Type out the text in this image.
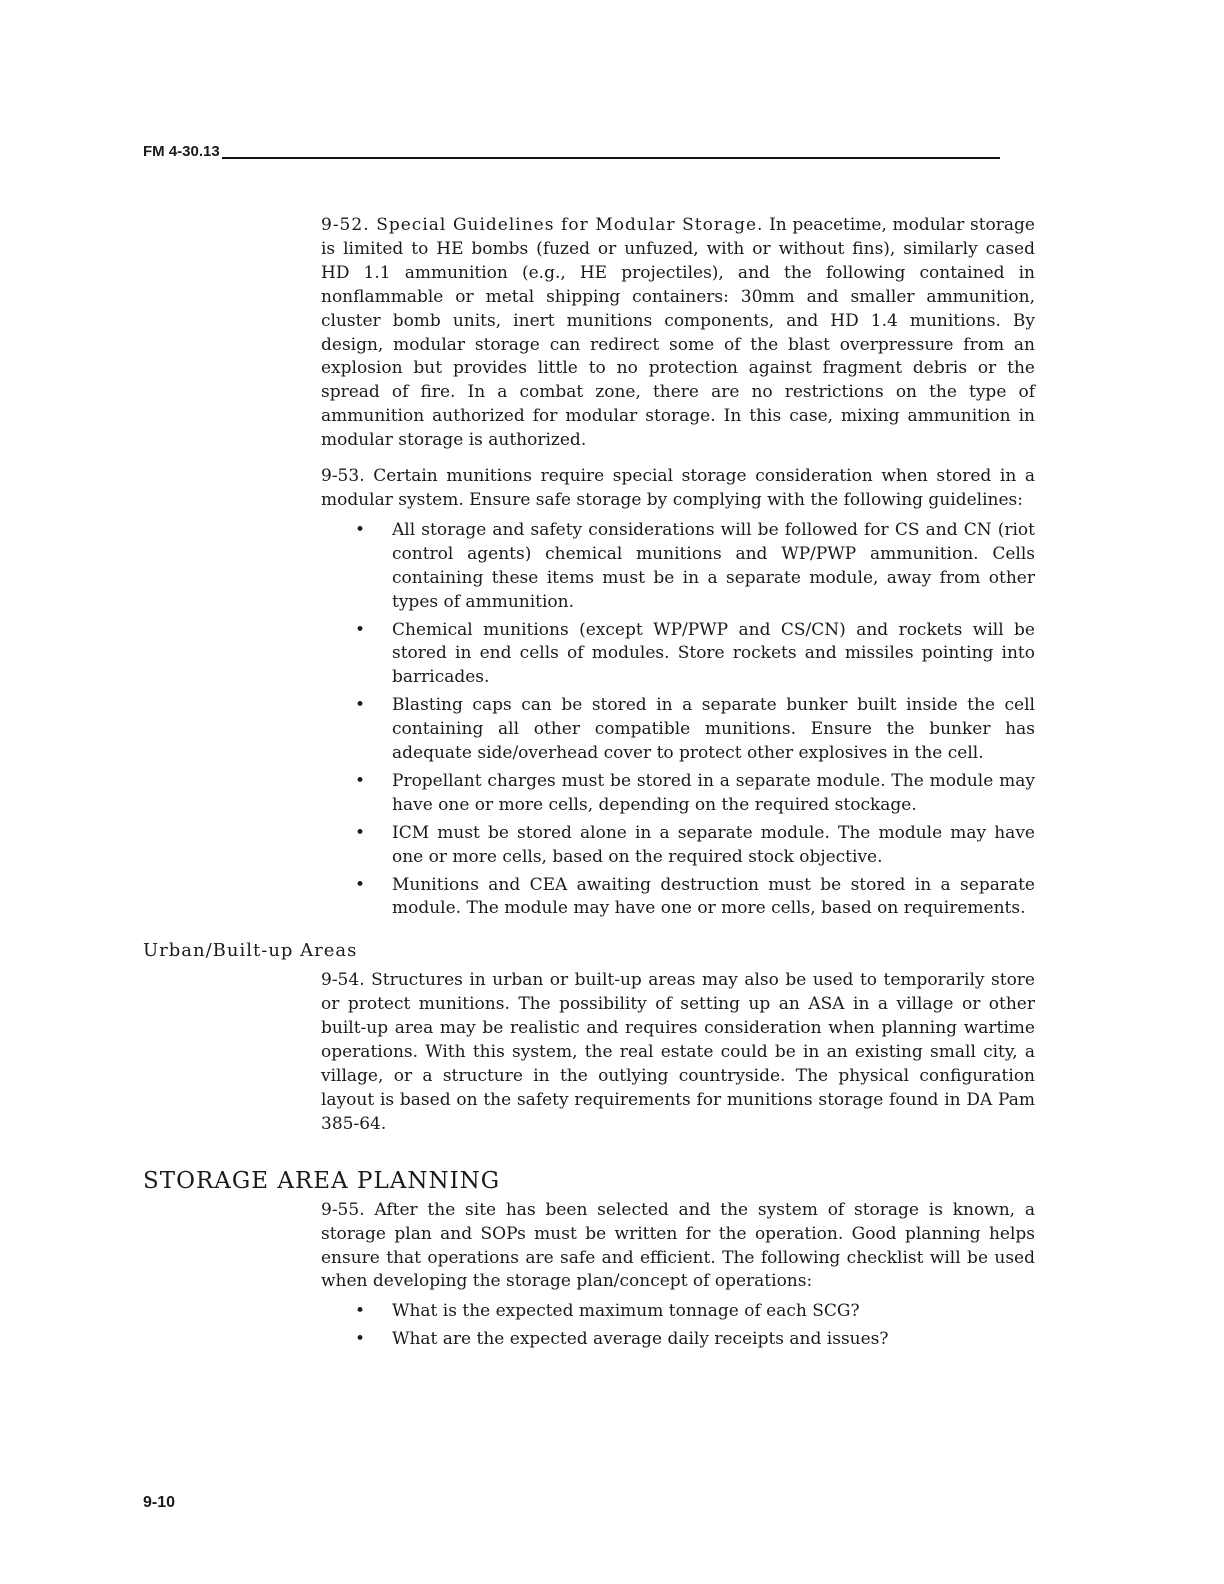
FM 4-30.13

9-52. Special Guidelines for Modular Storage. In peacetime, modular storage is limited to HE bombs (fuzed or unfuzed, with or without fins), similarly cased HD 1.1 ammunition (e.g., HE projectiles), and the following contained in nonflammable or metal shipping containers: 30mm and smaller ammunition, cluster bomb units, inert munitions components, and HD 1.4 munitions. By design, modular storage can redirect some of the blast overpressure from an explosion but provides little to no protection against fragment debris or the spread of fire. In a combat zone, there are no restrictions on the type of ammunition authorized for modular storage. In this case, mixing ammunition in modular storage is authorized.

9-53. Certain munitions require special storage consideration when stored in a modular system. Ensure safe storage by complying with the following guidelines:

• All storage and safety considerations will be followed for CS and CN (riot control agents) chemical munitions and WP/PWP ammunition. Cells containing these items must be in a separate module, away from other types of ammunition.
• Chemical munitions (except WP/PWP and CS/CN) and rockets will be stored in end cells of modules. Store rockets and missiles pointing into barricades.
• Blasting caps can be stored in a separate bunker built inside the cell containing all other compatible munitions. Ensure the bunker has adequate side/overhead cover to protect other explosives in the cell.
• Propellant charges must be stored in a separate module. The module may have one or more cells, depending on the required stockage.
• ICM must be stored alone in a separate module. The module may have one or more cells, based on the required stock objective.
• Munitions and CEA awaiting destruction must be stored in a separate module. The module may have one or more cells, based on requirements.
Urban/Built-up Areas

9-54. Structures in urban or built-up areas may also be used to temporarily store or protect munitions. The possibility of setting up an ASA in a village or other built-up area may be realistic and requires consideration when planning wartime operations. With this system, the real estate could be in an existing small city, a village, or a structure in the outlying countryside. The physical configuration layout is based on the safety requirements for munitions storage found in DA Pam 385-64.

STORAGE AREA PLANNING

9-55. After the site has been selected and the system of storage is known, a storage plan and SOPs must be written for the operation. Good planning helps ensure that operations are safe and efficient. The following checklist will be used when developing the storage plan/concept of operations:

• What is the expected maximum tonnage of each SCG?
• What are the expected average daily receipts and issues?
9-10
